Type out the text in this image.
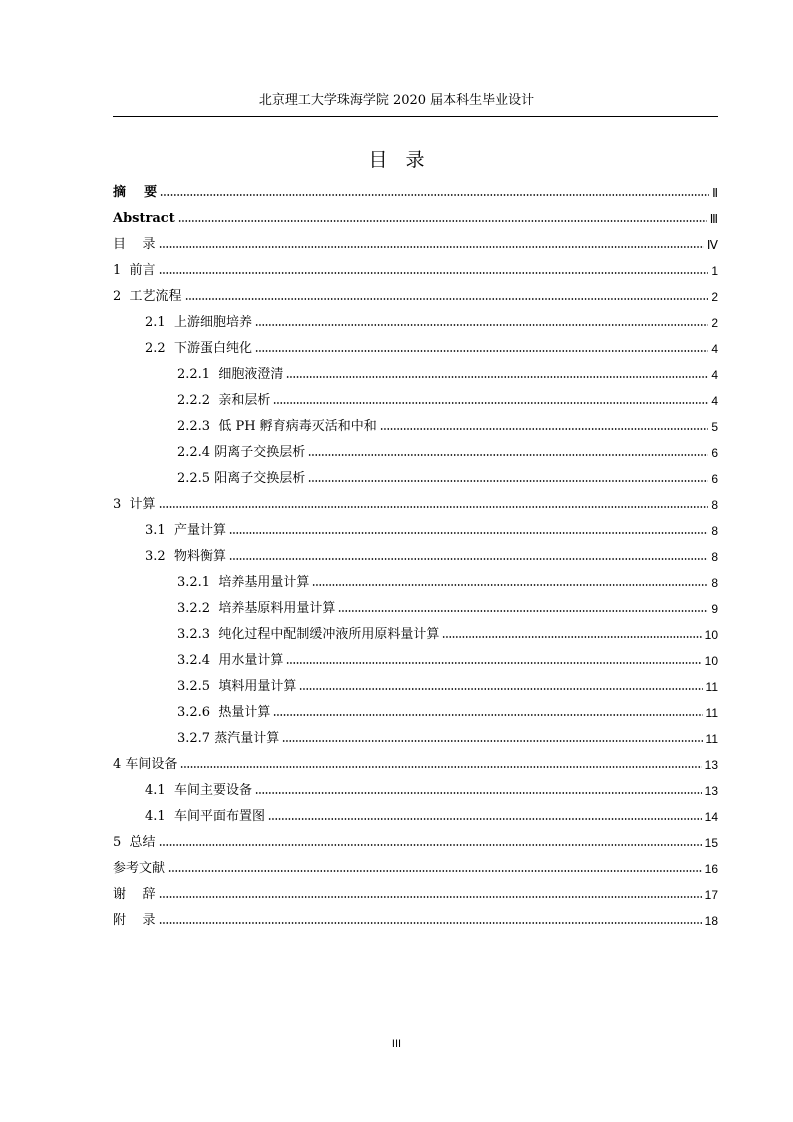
北京理工大学珠海学院 2020 届本科生毕业设计
目录
摘    要	Ⅱ
Abstract	Ⅲ
目    录	Ⅳ
1  前言	1
2  工艺流程	2
2.1  上游细胞培养	2
2.2  下游蛋白纯化	4
2.2.1  细胞液澄清	4
2.2.2  亲和层析	4
2.2.3  低 PH 孵育病毒灭活和中和	5
2.2.4 阴离子交换层析	6
2.2.5 阳离子交换层析	6
3  计算	8
3.1  产量计算	8
3.2  物料衡算	8
3.2.1  培养基用量计算	8
3.2.2  培养基原料用量计算	9
3.2.3  纯化过程中配制缓冲液所用原料量计算	10
3.2.4  用水量计算	10
3.2.5  填料用量计算	11
3.2.6  热量计算	11
3.2.7 蒸汽量计算	11
4 车间设备	13
4.1  车间主要设备	13
4.1  车间平面布置图	14
5  总结	15
参考文献	16
谢    辞	17
附    录	18
III
